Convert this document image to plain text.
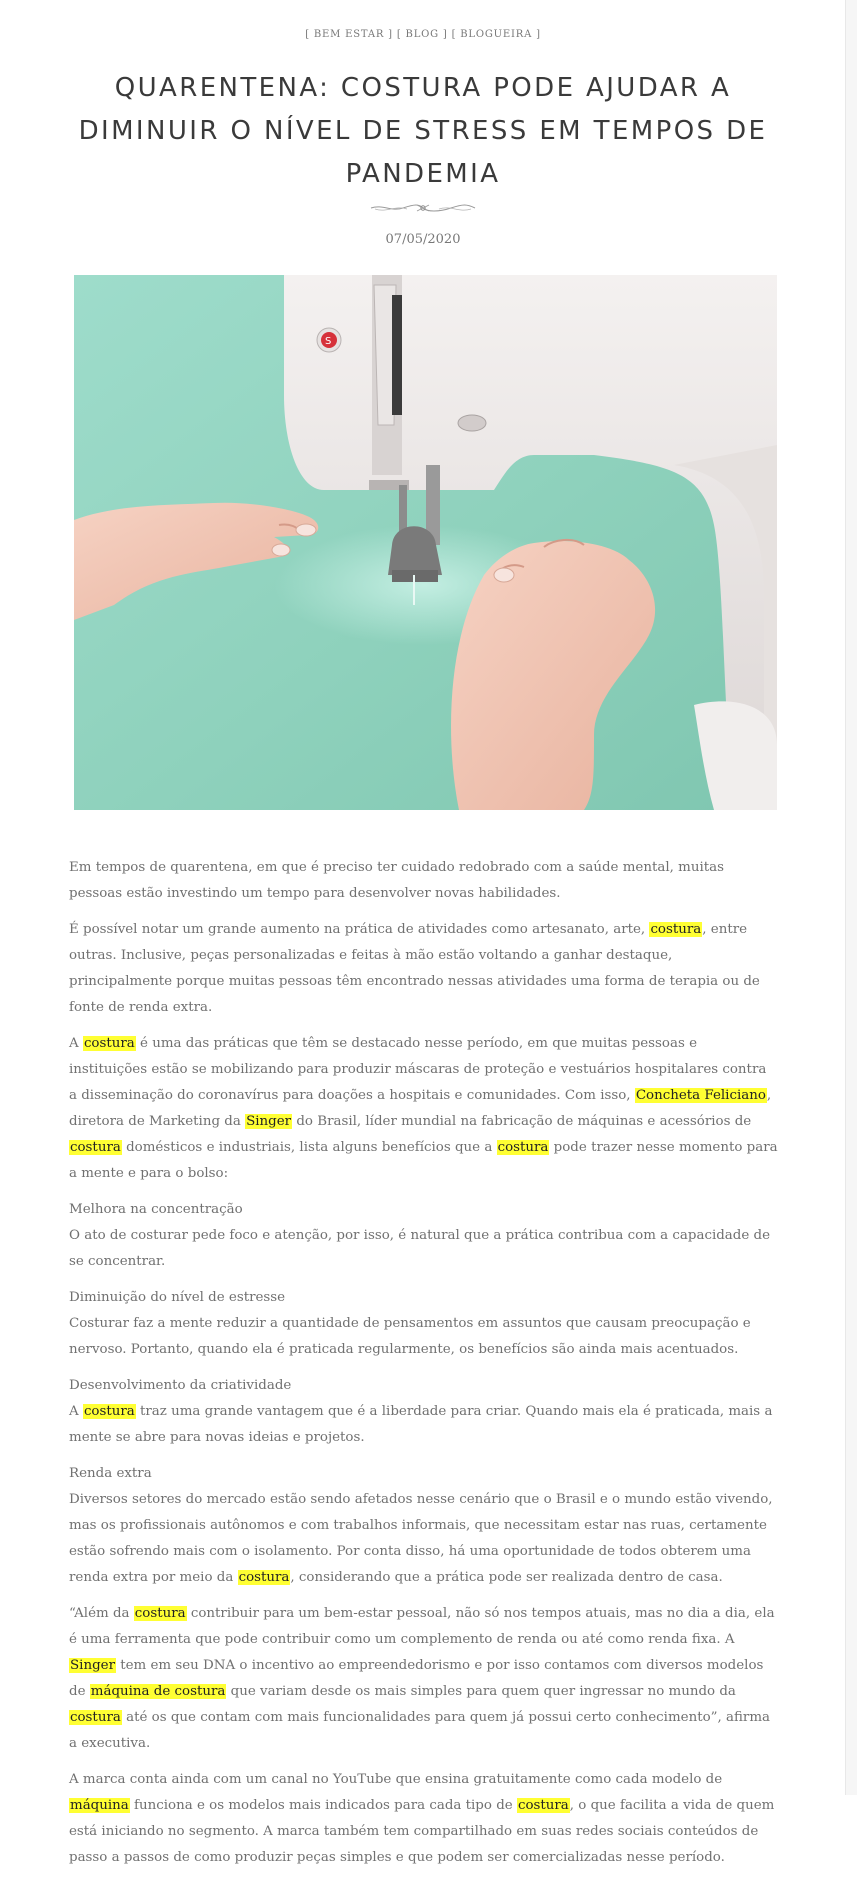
[ BEM ESTAR ] [ BLOG ] [ BLOGUEIRA ]
QUARENTENA: COSTURA PODE AJUDAR A DIMINUIR O NÍVEL DE STRESS EM TEMPOS DE PANDEMIA
07/05/2020
S

Em tempos de quarentena, em que é preciso ter cuidado redobrado com a saúde mental, muitas pessoas estão investindo um tempo para desenvolver novas habilidades.

É possível notar um grande aumento na prática de atividades como artesanato, arte, costura, entre outras. Inclusive, peças personalizadas e feitas à mão estão voltando a ganhar destaque, principalmente porque muitas pessoas têm encontrado nessas atividades uma forma de terapia ou de fonte de renda extra.

A costura é uma das práticas que têm se destacado nesse período, em que muitas pessoas e instituições estão se mobilizando para produzir máscaras de proteção e vestuários hospitalares contra a disseminação do coronavírus para doações a hospitais e comunidades. Com isso, Concheta Feliciano, diretora de Marketing da Singer do Brasil, líder mundial na fabricação de máquinas e acessórios de costura domésticos e industriais, lista alguns benefícios que a costura pode trazer nesse momento para a mente e para o bolso:

Melhora na concentração
O ato de costurar pede foco e atenção, por isso, é natural que a prática contribua com a capacidade de se concentrar.

Diminuição do nível de estresse
Costurar faz a mente reduzir a quantidade de pensamentos em assuntos que causam preocupação e nervoso. Portanto, quando ela é praticada regularmente, os benefícios são ainda mais acentuados.

Desenvolvimento da criatividade
A costura traz uma grande vantagem que é a liberdade para criar. Quando mais ela é praticada, mais a mente se abre para novas ideias e projetos.

Renda extra
Diversos setores do mercado estão sendo afetados nesse cenário que o Brasil e o mundo estão vivendo, mas os profissionais autônomos e com trabalhos informais, que necessitam estar nas ruas, certamente estão sofrendo mais com o isolamento. Por conta disso, há uma oportunidade de todos obterem uma renda extra por meio da costura, considerando que a prática pode ser realizada dentro de casa.

“Além da costura contribuir para um bem-estar pessoal, não só nos tempos atuais, mas no dia a dia, ela é uma ferramenta que pode contribuir como um complemento de renda ou até como renda fixa. A Singer tem em seu DNA o incentivo ao empreendedorismo e por isso contamos com diversos modelos de máquina de costura que variam desde os mais simples para quem quer ingressar no mundo da costura até os que contam com mais funcionalidades para quem já possui certo conhecimento”, afirma a executiva.

A marca conta ainda com um canal no YouTube que ensina gratuitamente como cada modelo de máquina funciona e os modelos mais indicados para cada tipo de costura, o que facilita a vida de quem está iniciando no segmento. A marca também tem compartilhado em suas redes sociais conteúdos de passo a passos de como produzir peças simples e que podem ser comercializadas nesse período.
